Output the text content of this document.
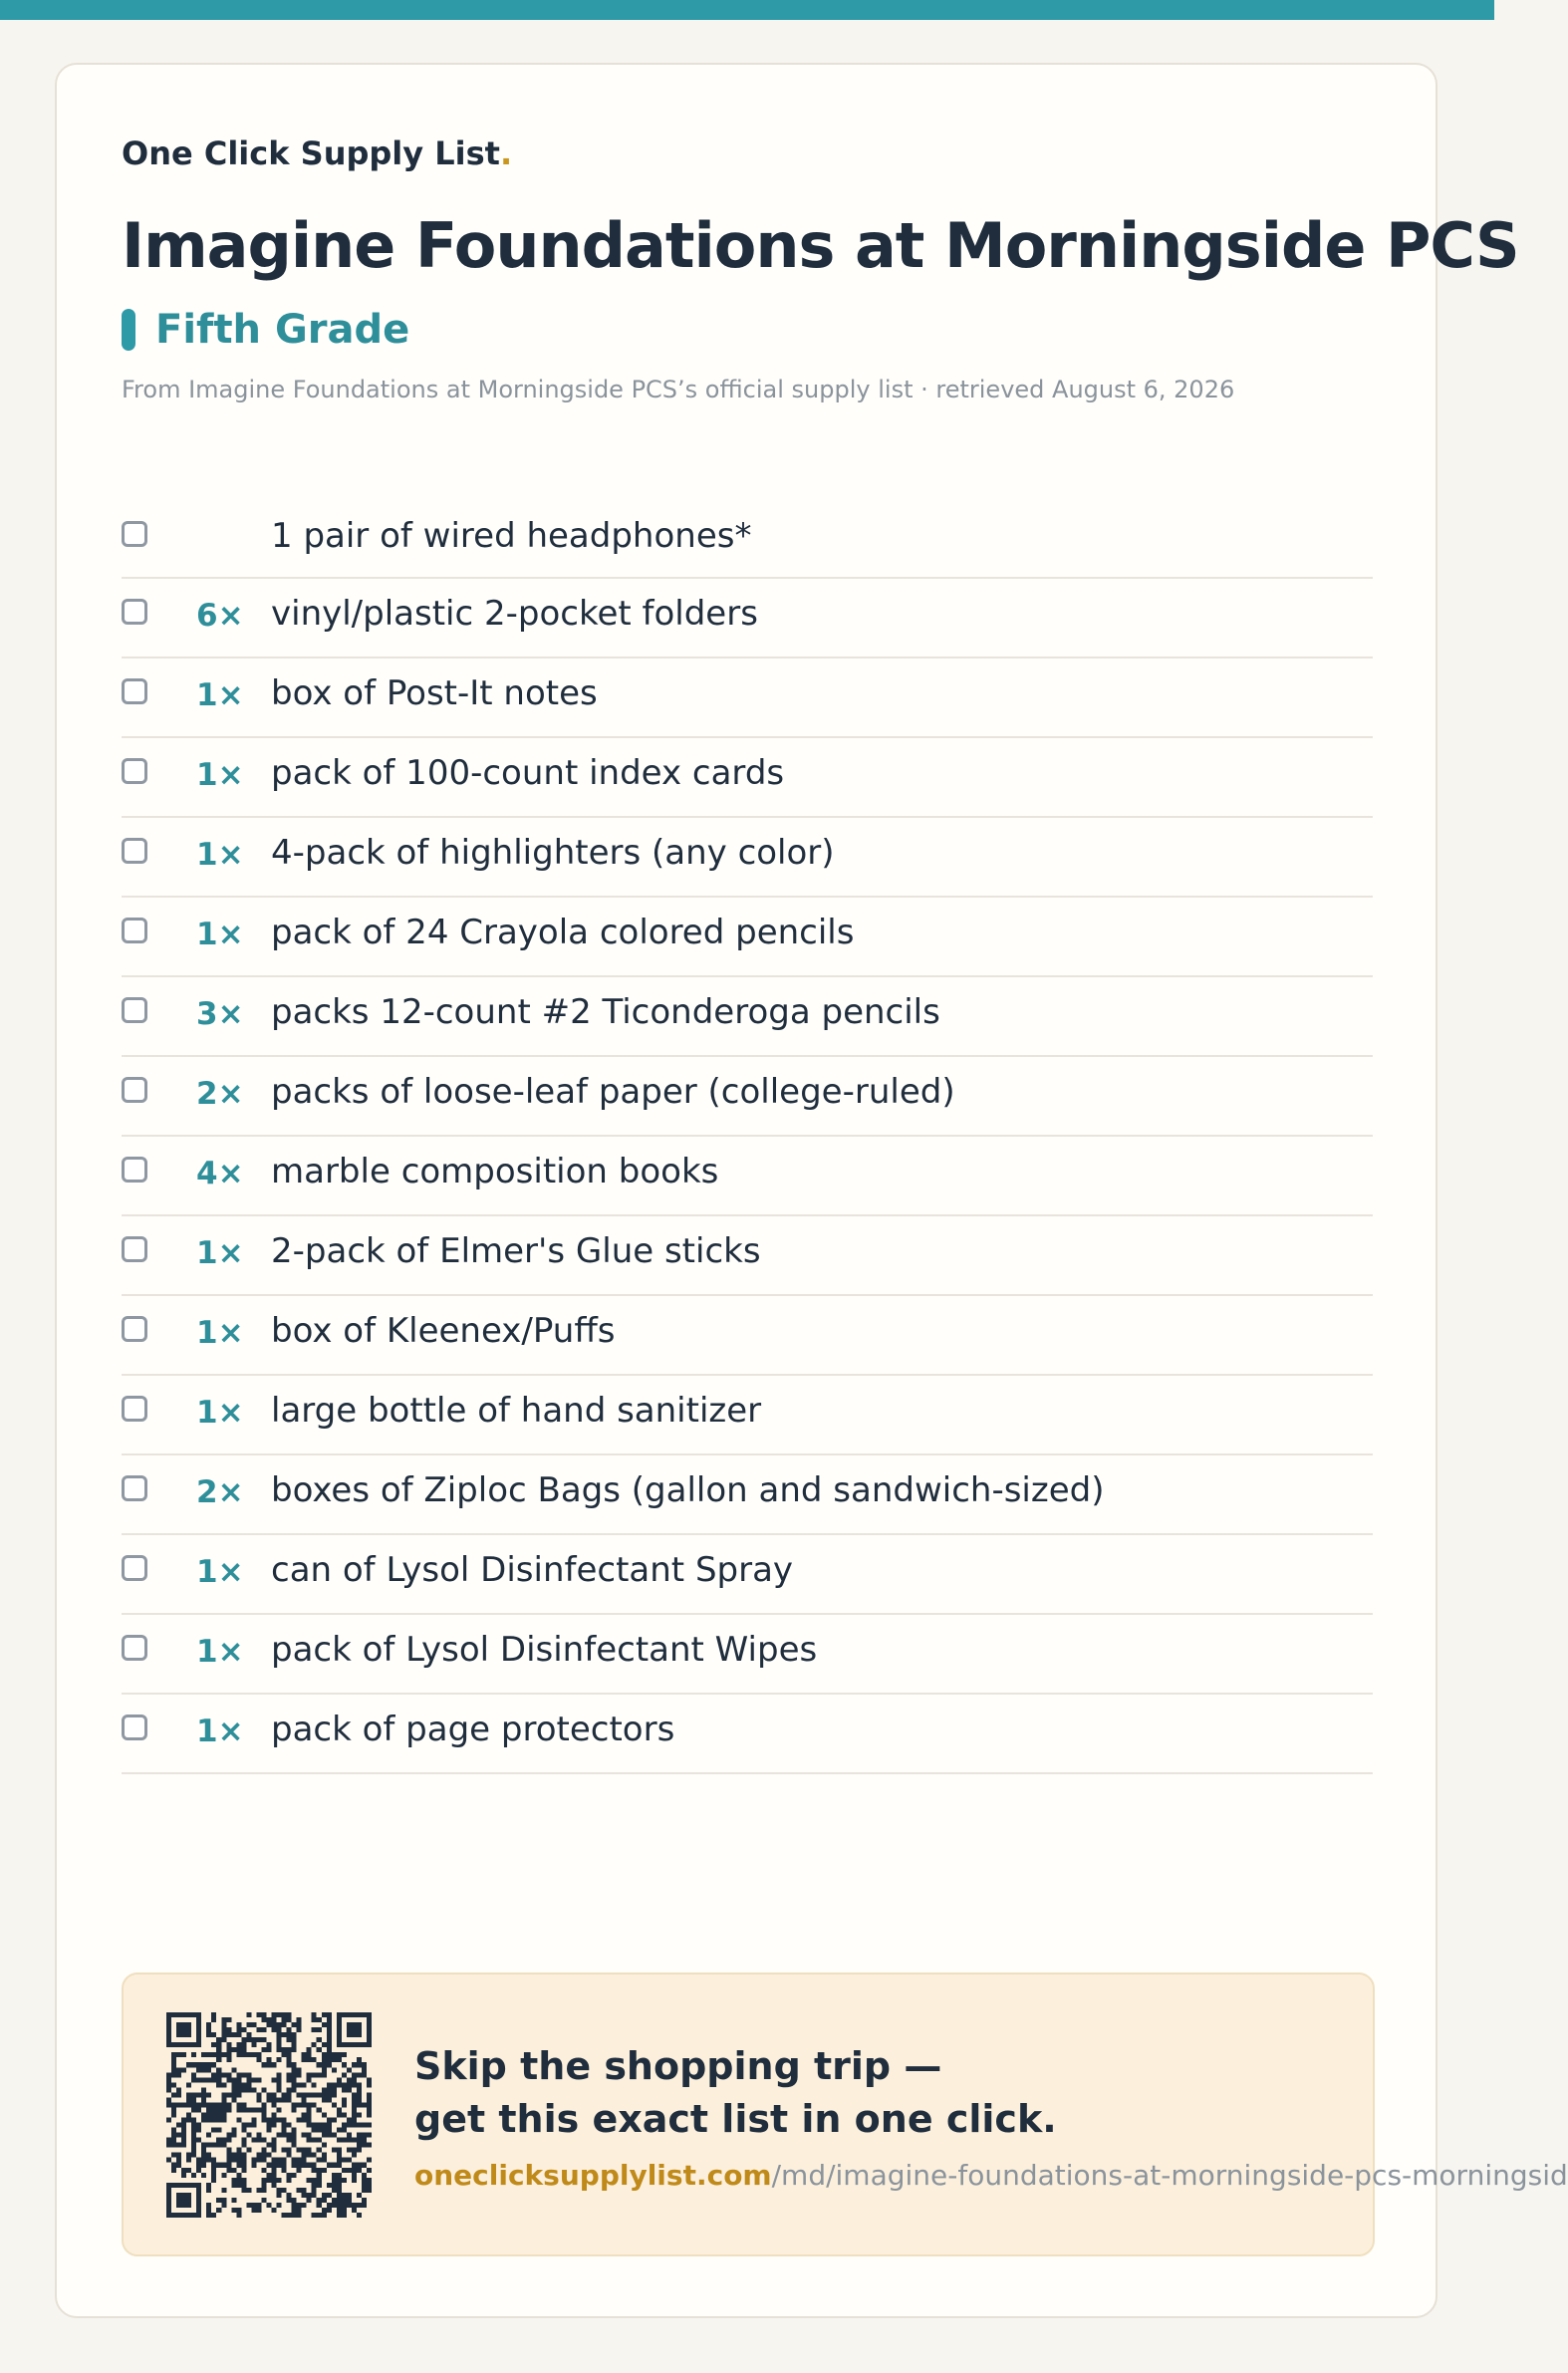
One Click Supply List.
Imagine Foundations at Morningside PCS
Fifth Grade
From Imagine Foundations at Morningside PCS’s official supply list · retrieved August 6, 2026
1 pair of wired headphones*
6× vinyl/plastic 2-pocket folders
1× box of Post-It notes
1× pack of 100-count index cards
1× 4-pack of highlighters (any color)
1× pack of 24 Crayola colored pencils
3× packs 12-count #2 Ticonderoga pencils
2× packs of loose-leaf paper (college-ruled)
4× marble composition books
1× 2-pack of Elmer's Glue sticks
1× box of Kleenex/Puffs
1× large bottle of hand sanitizer
2× boxes of Ziploc Bags (gallon and sandwich-sized)
1× can of Lysol Disinfectant Spray
1× pack of Lysol Disinfectant Wipes
1× pack of page protectors
Skip the shopping trip —
get this exact list in one click.
oneclicksupplylist.com/md/imagine-foundations-at-morningside-pcs-morningsid
